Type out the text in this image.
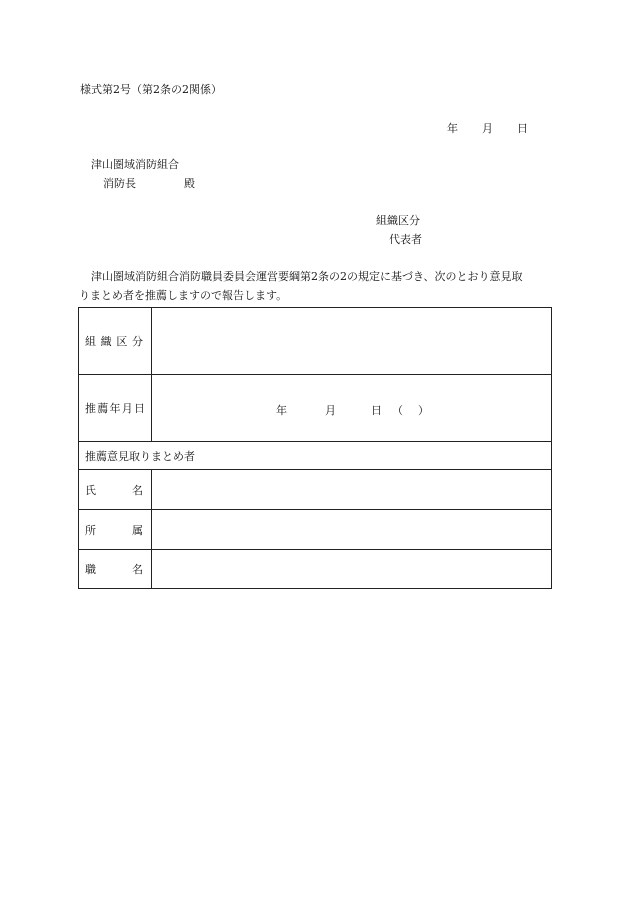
様式第2号（第2条の2関係）
年 月 日
津山圏域消防組合
消防長	殿
組織区分
代表者
津山圏域消防組合消防職員委員会運営要綱第2条の2の規定に基づき、次のとおり意見取
りまとめ者を推薦しますので報告します。
組 織 区 分	

推 薦 年 月 日	年 月 日 （ ）

推薦意見取りまとめ者	

氏 名	

所 属	

職 名	
